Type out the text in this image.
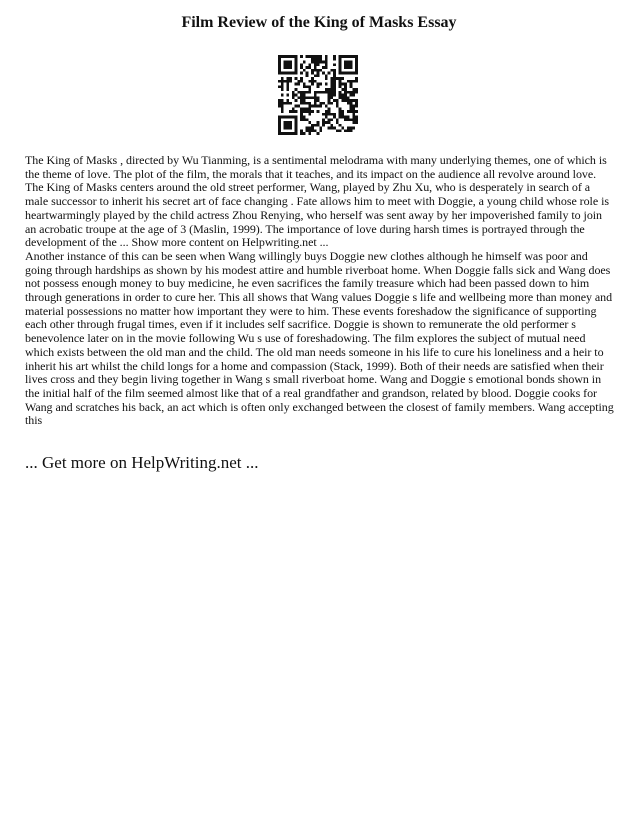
Film Review of the King of Masks Essay

The King of Masks , directed by Wu Tianming, is a sentimental melodrama with many underlying themes, one of which is the theme of love. The plot of the film, the morals that it teaches, and its impact on the audience all revolve around love. The King of Masks centers around the old street performer, Wang, played by Zhu Xu, who is desperately in search of a male successor to inherit his secret art of face changing . Fate allows him to meet with Doggie, a young child whose role is heartwarmingly played by the child actress Zhou Renying, who herself was sent away by her impoverished family to join an acrobatic troupe at the age of 3 (Maslin, 1999). The importance of love during harsh times is portrayed through the development of the ... Show more content on Helpwriting.net ...

Another instance of this can be seen when Wang willingly buys Doggie new clothes although he himself was poor and going through hardships as shown by his modest attire and humble riverboat home. When Doggie falls sick and Wang does not possess enough money to buy medicine, he even sacrifices the family treasure which had been passed down to him through generations in order to cure her. This all shows that Wang values Doggie s life and wellbeing more than money and material possessions no matter how important they were to him. These events foreshadow the significance of supporting each other through frugal times, even if it includes self sacrifice. Doggie is shown to remunerate the old performer s benevolence later on in the movie following Wu s use of foreshadowing. The film explores the subject of mutual need which exists between the old man and the child. The old man needs someone in his life to cure his loneliness and a heir to inherit his art whilst the child longs for a home and compassion (Stack, 1999). Both of their needs are satisfied when their lives cross and they begin living together in Wang s small riverboat home. Wang and Doggie s emotional bonds shown in the initial half of the film seemed almost like that of a real grandfather and grandson, related by blood. Doggie cooks for Wang and scratches his back, an act which is often only exchanged between the closest of family members. Wang accepting this

... Get more on HelpWriting.net ...
